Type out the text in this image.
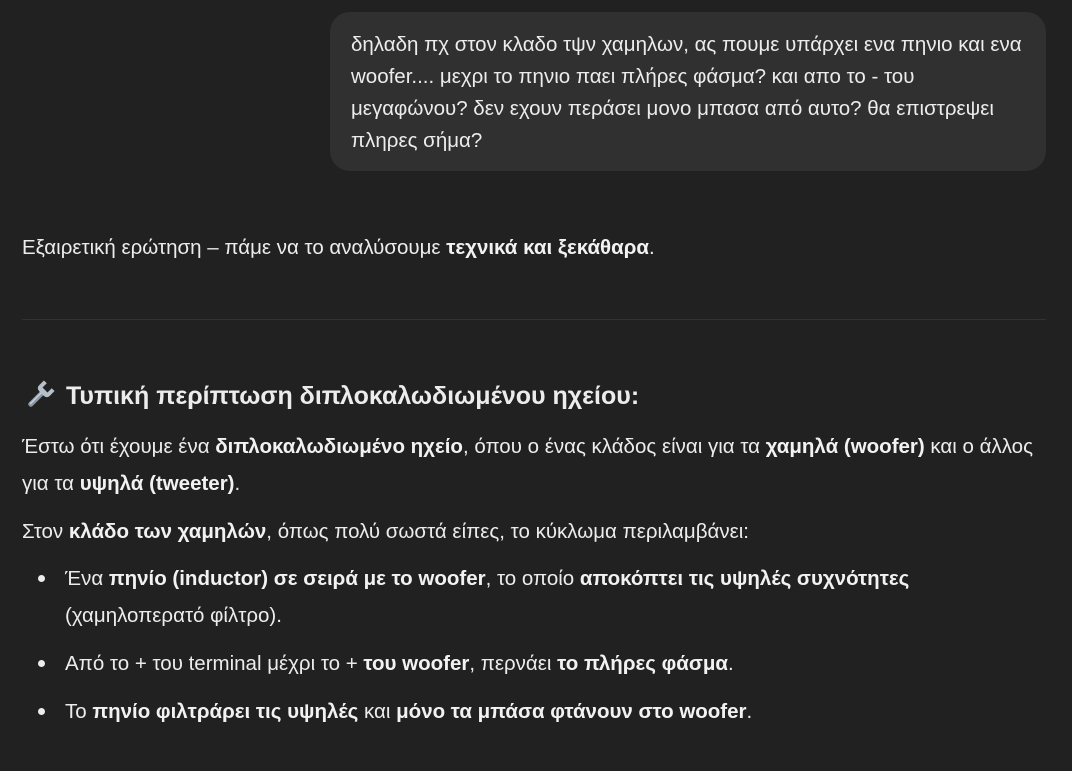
δηλαδη πχ στον κλαδο τψν χαμηλων, ας πουμε υπάρχει ενα πηνιο και ενα woofer.... μεχρι το πηνιο παει πλήρες φάσμα? και απο το - του μεγαφώνου? δεν εχουν περάσει μονο μπασα από αυτο? θα επιστρεψει πληρες σήμα?
Εξαιρετική ερώτηση – πάμε να το αναλύσουμε τεχνικά και ξεκάθαρα.
Τυπική περίπτωση διπλοκαλωδιωμένου ηχείου:
Έστω ότι έχουμε ένα διπλοκαλωδιωμένο ηχείο, όπου ο ένας κλάδος είναι για τα χαμηλά (woofer) και ο άλλος για τα υψηλά (tweeter).
Στον κλάδο των χαμηλών, όπως πολύ σωστά είπες, το κύκλωμα περιλαμβάνει:
Ένα πηνίο (inductor) σε σειρά με το woofer, το οποίο αποκόπτει τις υψηλές συχνότητες (χαμηλοπερατό φίλτρο).
Από το + του terminal μέχρι το + του woofer, περνάει το πλήρες φάσμα.
Το πηνίο φιλτράρει τις υψηλές και μόνο τα μπάσα φτάνουν στο woofer.
